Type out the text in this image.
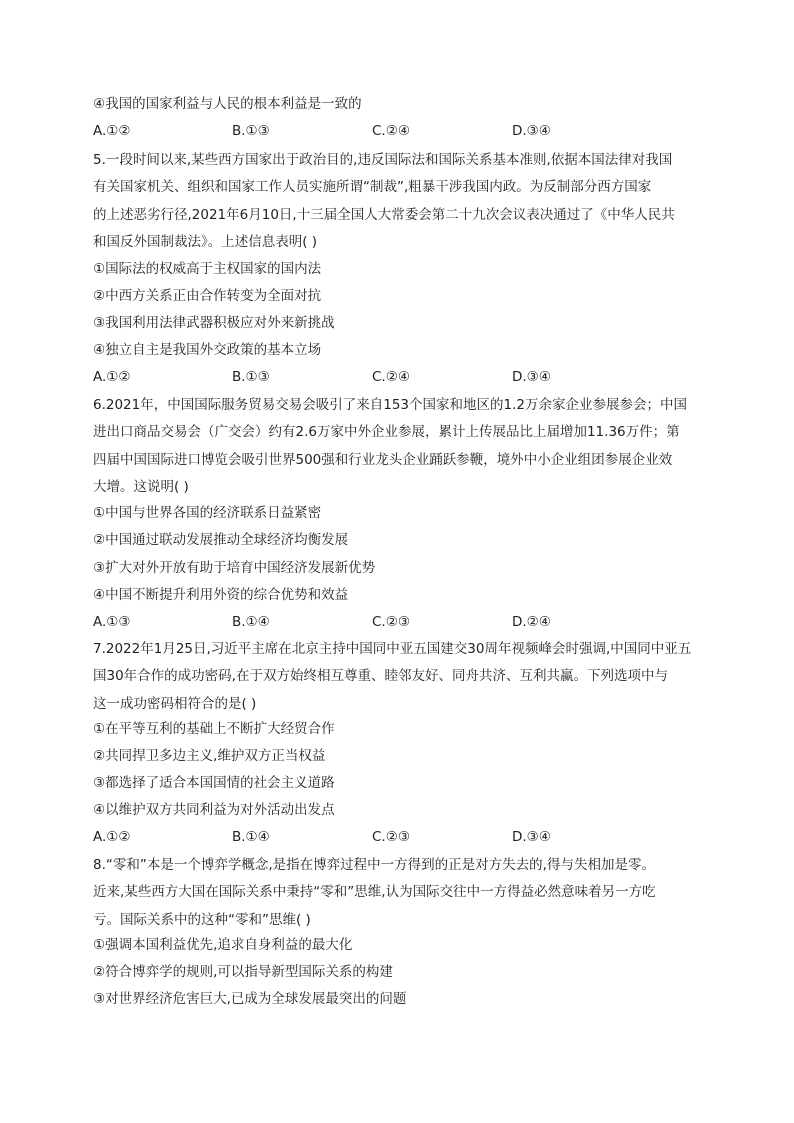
④我国的国家利益与人民的根本利益是一致的
A.①②	B.①③	C.②④	D.③④
5.一段时间以来,某些西方国家出于政治目的,违反国际法和国际关系基本准则,依据本国法律对我国
有关国家机关、组织和国家工作人员实施所谓“制裁”,粗暴干涉我国内政。为反制部分西方国家
的上述恶劣行径,2021年6月10日,十三届全国人大常委会第二十九次会议表决通过了《中华人民共
和国反外国制裁法》。上述信息表明( )
①国际法的权威高于主权国家的国内法
②中西方关系正由合作转变为全面对抗
③我国利用法律武器积极应对外来新挑战
④独立自主是我国外交政策的基本立场
A.①②	B.①③	C.②④	D.③④
6.2021年，中国国际服务贸易交易会吸引了来自153个国家和地区的1.2万余家企业参展参会；中国
进出口商品交易会（广交会）约有2.6万家中外企业参展，累计上传展品比上届增加11.36万件；第
四届中国国际进口博览会吸引世界500强和行业龙头企业踊跃参鞭，境外中小企业组团参展企业效
大增。这说明( )
①中国与世界各国的经济联系日益紧密
②中国通过联动发展推动全球经济均衡发展
③扩大对外开放有助于培育中国经济发展新优势
④中国不断提升利用外资的综合优势和效益
A.①③	B.①④	C.②③	D.②④
7.2022年1月25日,习近平主席在北京主持中国同中亚五国建交30周年视频峰会时强调,中国同中亚五
国30年合作的成功密码,在于双方始终相互尊重、睦邻友好、同舟共济、互利共赢。下列选项中与
这一成功密码相符合的是( )
①在平等互利的基础上不断扩大经贸合作
②共同捍卫多边主义,维护双方正当权益
③都选择了适合本国国情的社会主义道路
④以维护双方共同利益为对外活动出发点
A.①②	B.①④	C.②③	D.③④
8.“零和”本是一个博弈学概念,是指在博弈过程中一方得到的正是对方失去的,得与失相加是零。
近来,某些西方大国在国际关系中秉持“零和”思维,认为国际交往中一方得益必然意味着另一方吃
亏。国际关系中的这种“零和”思维( )
①强调本国利益优先,追求自身利益的最大化
②符合博弈学的规则,可以指导新型国际关系的构建
③对世界经济危害巨大,已成为全球发展最突出的问题
